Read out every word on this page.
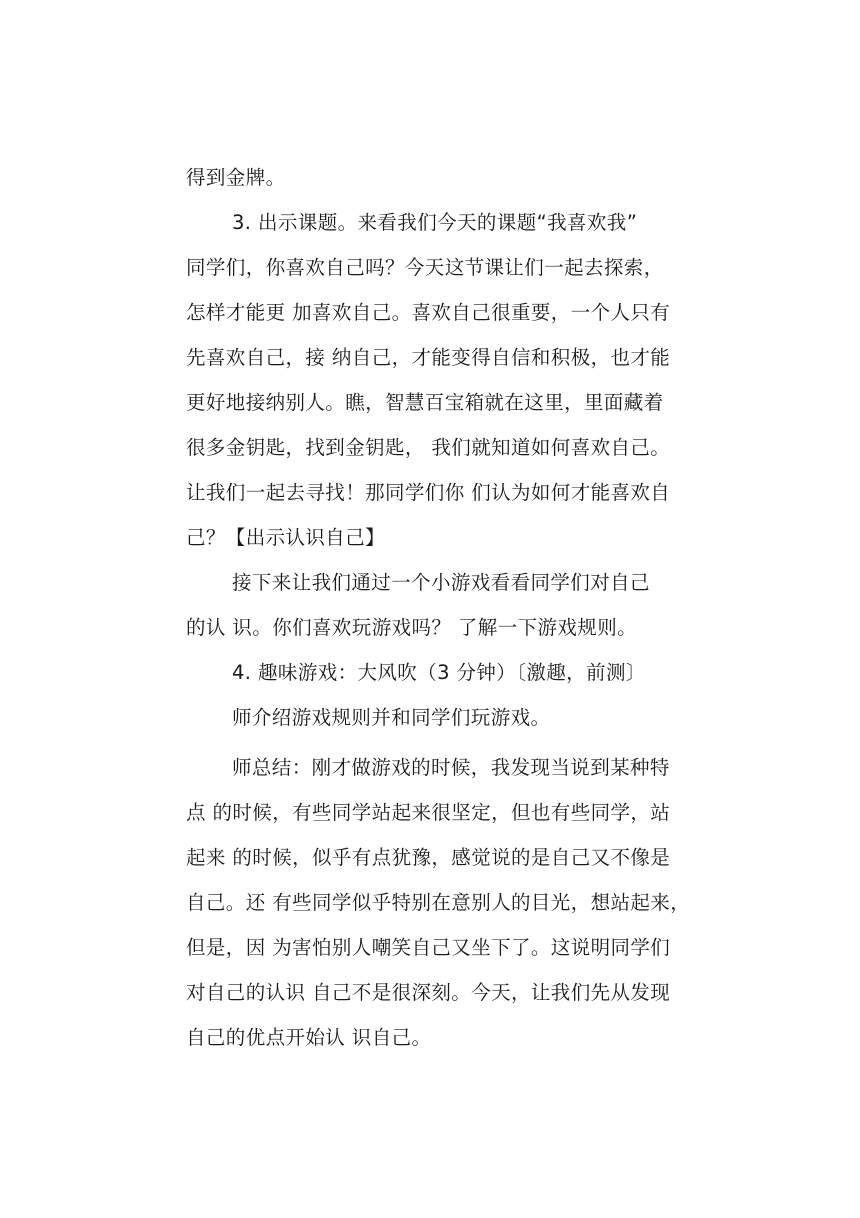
得到金牌。
3. 出示课题。来看我们今天的课题“我喜欢我”
同学们，你喜欢自己吗？今天这节课让们一起去探索，
怎样才能更 加喜欢自己。喜欢自己很重要，一个人只有
先喜欢自己，接 纳自己，才能变得自信和积极，也才能
更好地接纳别人。瞧，智慧百宝箱就在这里，里面藏着
很多金钥匙，找到金钥匙， 我们就知道如何喜欢自己。
让我们一起去寻找！那同学们你 们认为如何才能喜欢自
己？【出示认识自己】
接下来让我们通过一个小游戏看看同学们对自己
的认 识。你们喜欢玩游戏吗？ 了解一下游戏规则。
4. 趣味游戏：大风吹（3 分钟）〔激趣，前测〕
师介绍游戏规则并和同学们玩游戏。
师总结：刚才做游戏的时候，我发现当说到某种特
点 的时候，有些同学站起来很坚定，但也有些同学，站
起来 的时候，似乎有点犹豫，感觉说的是自己又不像是
自己。还 有些同学似乎特别在意别人的目光，想站起来，
但是，因 为害怕别人嘲笑自己又坐下了。这说明同学们
对自己的认识 自己不是很深刻。今天，让我们先从发现
自己的优点开始认 识自己。
